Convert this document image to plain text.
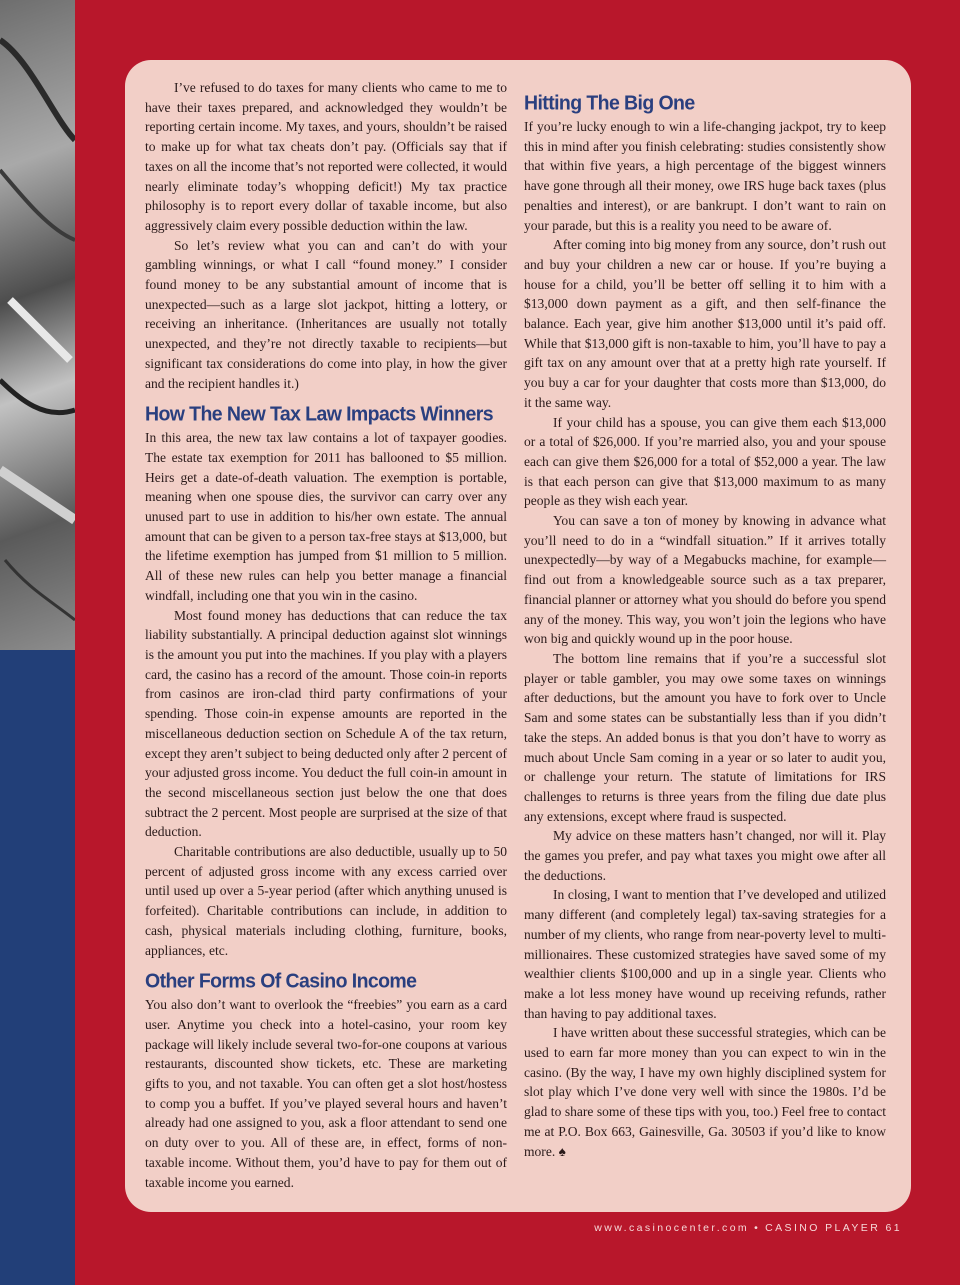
I’ve refused to do taxes for many clients who came to me to have their taxes prepared, and acknowledged they wouldn’t be reporting certain income. My taxes, and yours, shouldn’t be raised to make up for what tax cheats don’t pay. (Officials say that if taxes on all the income that’s not reported were collected, it would nearly eliminate today’s whopping deficit!) My tax practice philosophy is to report every dollar of taxable income, but also aggressively claim every possible deduction within the law.

So let’s review what you can and can’t do with your gambling winnings, or what I call “found money.” I consider found money to be any substantial amount of income that is unexpected—such as a large slot jackpot, hitting a lottery, or receiving an inheritance. (Inheritances are usually not totally unexpected, and they’re not directly taxable to recipients—but significant tax considerations do come into play, in how the giver and the recipient handles it.)

How The New Tax Law Impacts Winners

In this area, the new tax law contains a lot of taxpayer goodies. The estate tax exemption for 2011 has ballooned to $5 million. Heirs get a date-of-death valuation. The exemption is portable, meaning when one spouse dies, the survivor can carry over any unused part to use in addition to his/her own estate. The annual amount that can be given to a person tax-free stays at $13,000, but the lifetime exemption has jumped from $1 million to 5 million. All of these new rules can help you better manage a financial windfall, including one that you win in the casino.

Most found money has deductions that can reduce the tax liability substantially. A principal deduction against slot winnings is the amount you put into the machines. If you play with a players card, the casino has a record of the amount. Those coin-in reports from casinos are iron-clad third party confirmations of your spending. Those coin-in expense amounts are reported in the miscellaneous deduction section on Schedule A of the tax return, except they aren’t subject to being deducted only after 2 percent of your adjusted gross income. You deduct the full coin-in amount in the second miscellaneous section just below the one that does subtract the 2 percent. Most people are surprised at the size of that deduction.

Charitable contributions are also deductible, usually up to 50 percent of adjusted gross income with any excess carried over until used up over a 5-year period (after which anything unused is forfeited). Charitable contributions can include, in addition to cash, physical materials including clothing, furniture, books, appliances, etc.

Other Forms Of Casino Income

You also don’t want to overlook the “freebies” you earn as a card user. Anytime you check into a hotel-casino, your room key package will likely include several two-for-one coupons at various restaurants, discounted show tickets, etc. These are marketing gifts to you, and not taxable. You can often get a slot host/hostess to comp you a buffet. If you’ve played several hours and haven’t already had one assigned to you, ask a floor attendant to send one on duty over to you. All of these are, in effect, forms of non-taxable income. Without them, you’d have to pay for them out of taxable income you earned.

Hitting The Big One

If you’re lucky enough to win a life-changing jackpot, try to keep this in mind after you finish celebrating: studies consistently show that within five years, a high percentage of the biggest winners have gone through all their money, owe IRS huge back taxes (plus penalties and interest), or are bankrupt. I don’t want to rain on your parade, but this is a reality you need to be aware of.

After coming into big money from any source, don’t rush out and buy your children a new car or house. If you’re buying a house for a child, you’ll be better off selling it to him with a $13,000 down payment as a gift, and then self-finance the balance. Each year, give him another $13,000 until it’s paid off. While that $13,000 gift is non-taxable to him, you’ll have to pay a gift tax on any amount over that at a pretty high rate yourself. If you buy a car for your daughter that costs more than $13,000, do it the same way.

If your child has a spouse, you can give them each $13,000 or a total of $26,000. If you’re married also, you and your spouse each can give them $26,000 for a total of $52,000 a year. The law is that each person can give that $13,000 maximum to as many people as they wish each year.

You can save a ton of money by knowing in advance what you’ll need to do in a “windfall situation.” If it arrives totally unexpectedly—by way of a Megabucks machine, for example—find out from a knowledgeable source such as a tax preparer, financial planner or attorney what you should do before you spend any of the money. This way, you won’t join the legions who have won big and quickly wound up in the poor house.

The bottom line remains that if you’re a successful slot player or table gambler, you may owe some taxes on winnings after deductions, but the amount you have to fork over to Uncle Sam and some states can be substantially less than if you didn’t take the steps. An added bonus is that you don’t have to worry as much about Uncle Sam coming in a year or so later to audit you, or challenge your return. The statute of limitations for IRS challenges to returns is three years from the filing due date plus any extensions, except where fraud is suspected.

My advice on these matters hasn’t changed, nor will it. Play the games you prefer, and pay what taxes you might owe after all the deductions.

In closing, I want to mention that I’ve developed and utilized many different (and completely legal) tax-saving strategies for a number of my clients, who range from near-poverty level to multi-millionaires. These customized strategies have saved some of my wealthier clients $100,000 and up in a single year. Clients who make a lot less money have wound up receiving refunds, rather than having to pay additional taxes.

I have written about these successful strategies, which can be used to earn far more money than you can expect to win in the casino. (By the way, I have my own highly disciplined system for slot play which I’ve done very well with since the 1980s. I’d be glad to share some of these tips with you, too.) Feel free to contact me at P.O. Box 663, Gainesville, Ga. 30503 if you’d like to know more. ♠

www.casinocenter.com • CASINO PLAYER 61
